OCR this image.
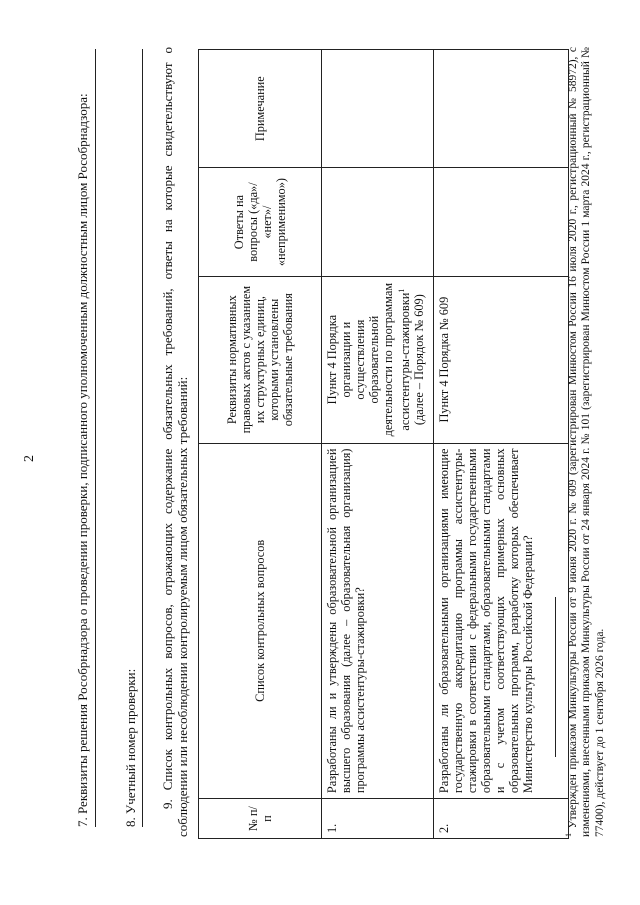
2	7. Реквизиты решения Рособрнадзора о проведении проверки, подписанного уполномоченным должностным лицом Рособрнадзора:	8. Учетный номер проверки: 9. Список контрольных вопросов, отражающих содержание обязательных требований, ответы на которые свидетельствуют о соблюдении или несоблюдении контролируемым лицом обязательных требований:	№ п/п	Список контрольных вопросов	Реквизиты нормативных правовых актов с указанием их структурных единиц, которыми установлены обязательные требования	Ответы на вопросы («да»/ «нет»/ «неприменимо»)	Примечание
1.	Разработаны ли и утверждены образовательной организацией высшего образования (далее – образовательная организация) программы ассистентуры-стажировки?	Пункт 4 Порядка организации и осуществления образовательной деятельности по программам ассистентуры-стажировки$^1$ (далее – Порядок № 609)		
2.	Разработаны ли образовательными организациями имеющие государственную аккредитацию программы ассистентуры-стажировки в соответствии с федеральными государственными образовательными стандартами, образовательными стандартами и с учетом соответствующих примерных основных образовательных программ, разработку которых обеспечивает Министерство культуры Российской Федерации?	Пункт 4 Порядка № 609		
$^1$ Утвержден приказом Минкультуры России от 9 июня 2020 г. № 609 (зарегистрирован Минюстом России 16 июля 2020 г., регистрационный № 58972), с изменениями, внесенными приказом Минкультуры России от 24 января 2024 г. № 101 (зарегистрирован Минюстом России 1 марта 2024 г., регистрационный № 77400), действует до 1 сентября 2026 года.
